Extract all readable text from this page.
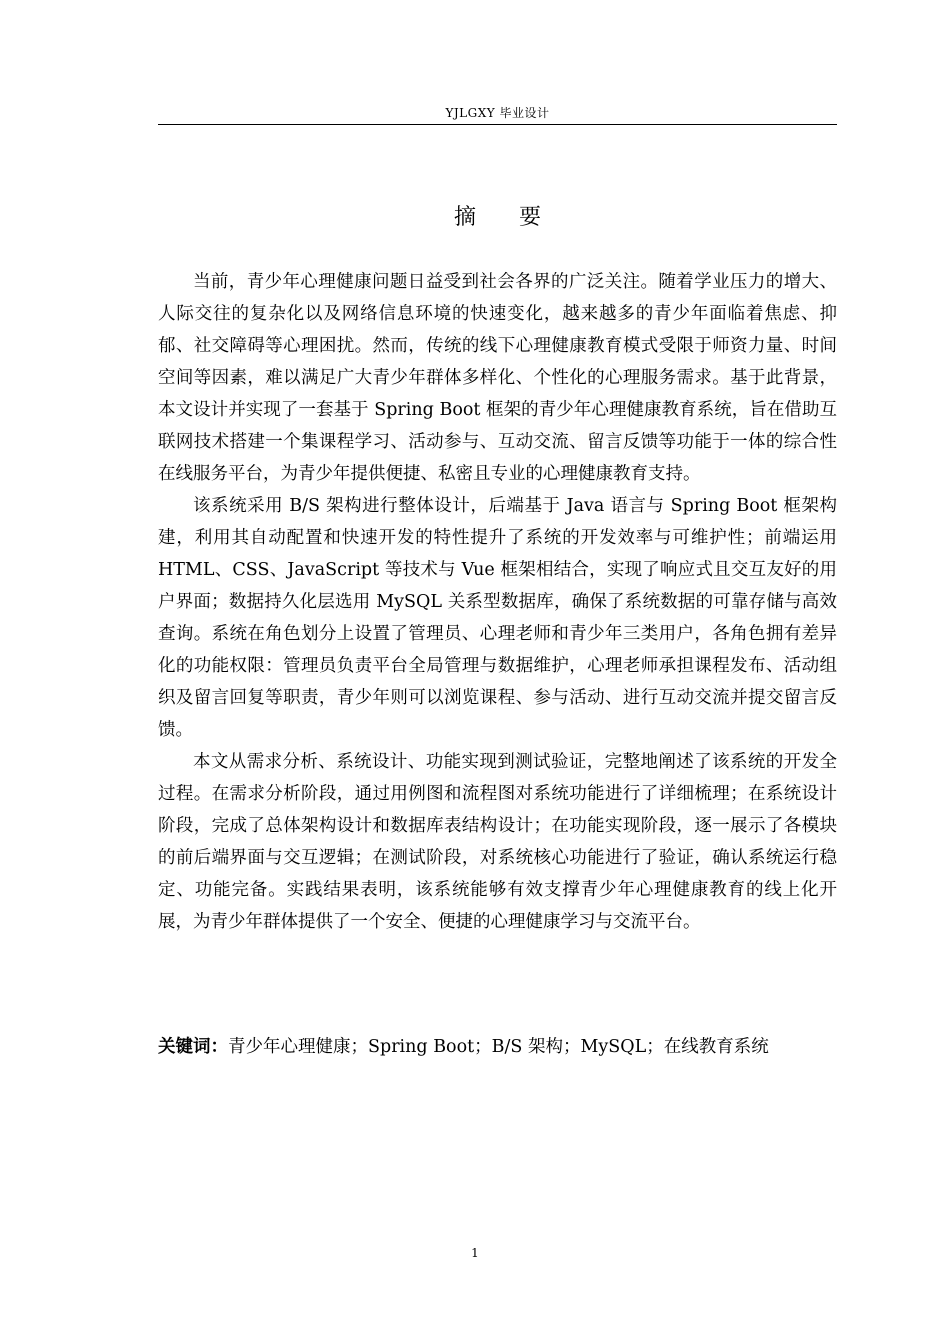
YJLGXY 毕业设计
摘 要

当前，青少年心理健康问题日益受到社会各界的广泛关注。随着学业压力的增大、人际交往的复杂化以及网络信息环境的快速变化，越来越多的青少年面临着焦虑、抑郁、社交障碍等心理困扰。然而，传统的线下心理健康教育模式受限于师资力量、时间空间等因素，难以满足广大青少年群体多样化、个性化的心理服务需求。基于此背景，本文设计并实现了一套基于 Spring Boot 框架的青少年心理健康教育系统，旨在借助互联网技术搭建一个集课程学习、活动参与、互动交流、留言反馈等功能于一体的综合性在线服务平台，为青少年提供便捷、私密且专业的心理健康教育支持。

该系统采用 B/S 架构进行整体设计，后端基于 Java 语言与 Spring Boot 框架构建，利用其自动配置和快速开发的特性提升了系统的开发效率与可维护性；前端运用 HTML、CSS、JavaScript 等技术与 Vue 框架相结合，实现了响应式且交互友好的用户界面；数据持久化层选用 MySQL 关系型数据库，确保了系统数据的可靠存储与高效查询。系统在角色划分上设置了管理员、心理老师和青少年三类用户，各角色拥有差异化的功能权限：管理员负责平台全局管理与数据维护，心理老师承担课程发布、活动组织及留言回复等职责，青少年则可以浏览课程、参与活动、进行互动交流并提交留言反馈。

本文从需求分析、系统设计、功能实现到测试验证，完整地阐述了该系统的开发全过程。在需求分析阶段，通过用例图和流程图对系统功能进行了详细梳理；在系统设计阶段，完成了总体架构设计和数据库表结构设计；在功能实现阶段，逐一展示了各模块的前后端界面与交互逻辑；在测试阶段，对系统核心功能进行了验证，确认系统运行稳定、功能完备。实践结果表明，该系统能够有效支撑青少年心理健康教育的线上化开展，为青少年群体提供了一个安全、便捷的心理健康学习与交流平台。

关键词：青少年心理健康；Spring Boot；B/S 架构；MySQL；在线教育系统
1
